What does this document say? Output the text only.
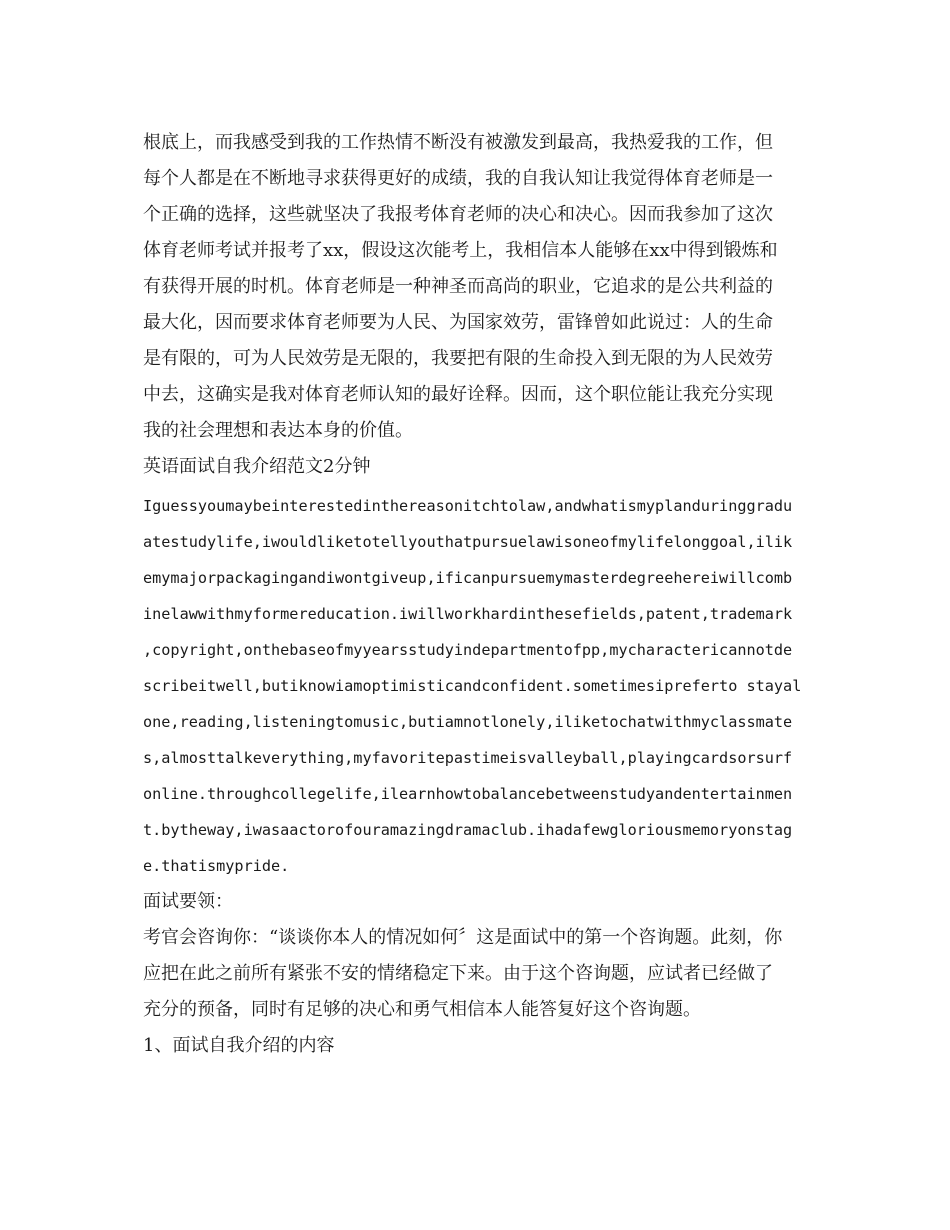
根底上，而我感受到我的工作热情不断没有被激发到最高，我热爱我的工作，但

每个人都是在不断地寻求获得更好的成绩，我的自我认知让我觉得体育老师是一

个正确的选择，这些就坚决了我报考体育老师的决心和决心。因而我参加了这次

体育老师考试并报考了xx，假设这次能考上，我相信本人能够在xx中得到锻炼和

有获得开展的时机。体育老师是一种神圣而高尚的职业，它追求的是公共利益的

最大化，因而要求体育老师要为人民、为国家效劳，雷锋曾如此说过：人的生命

是有限的，可为人民效劳是无限的，我要把有限的生命投入到无限的为人民效劳

中去，这确实是我对体育老师认知的最好诠释。因而，这个职位能让我充分实现

我的社会理想和表达本身的价值。

英语面试自我介绍范文2分钟

Iguessyoumaybeinterestedinthereasonitchtolaw,andwhatismyplanduringgradu

atestudylife,iwouldliketotellyouthatpursuelawisoneofmylifelonggoal,ilik

emymajorpackagingandiwontgiveup,ificanpursuemymasterdegreehereiwillcomb

inelawwithmyformereducation.iwillworkhardinthesefields,patent,trademark

,copyright,onthebaseofmyyearsstudyindepartmentofpp,mycharactericannotde

scribeitwell,butiknowiamoptimisticandconfident.sometimesipreferto stayal

one,reading,listeningtomusic,butiamnotlonely,iliketochatwithmyclassmate

s,almosttalkeverything,myfavoritepastimeisvalleyball,playingcardsorsurf

online.throughcollegelife,ilearnhowtobalancebetweenstudyandentertainmen

t.bytheway,iwasaactorofouramazingdramaclub.ihadafewgloriousmemoryonstag

e.thatismypride.

面试要领：

考官会咨询你：“谈谈你本人的情况如何〞这是面试中的第一个咨询题。此刻，你

应把在此之前所有紧张不安的情绪稳定下来。由于这个咨询题，应试者已经做了

充分的预备，同时有足够的决心和勇气相信本人能答复好这个咨询题。

1、面试自我介绍的内容
